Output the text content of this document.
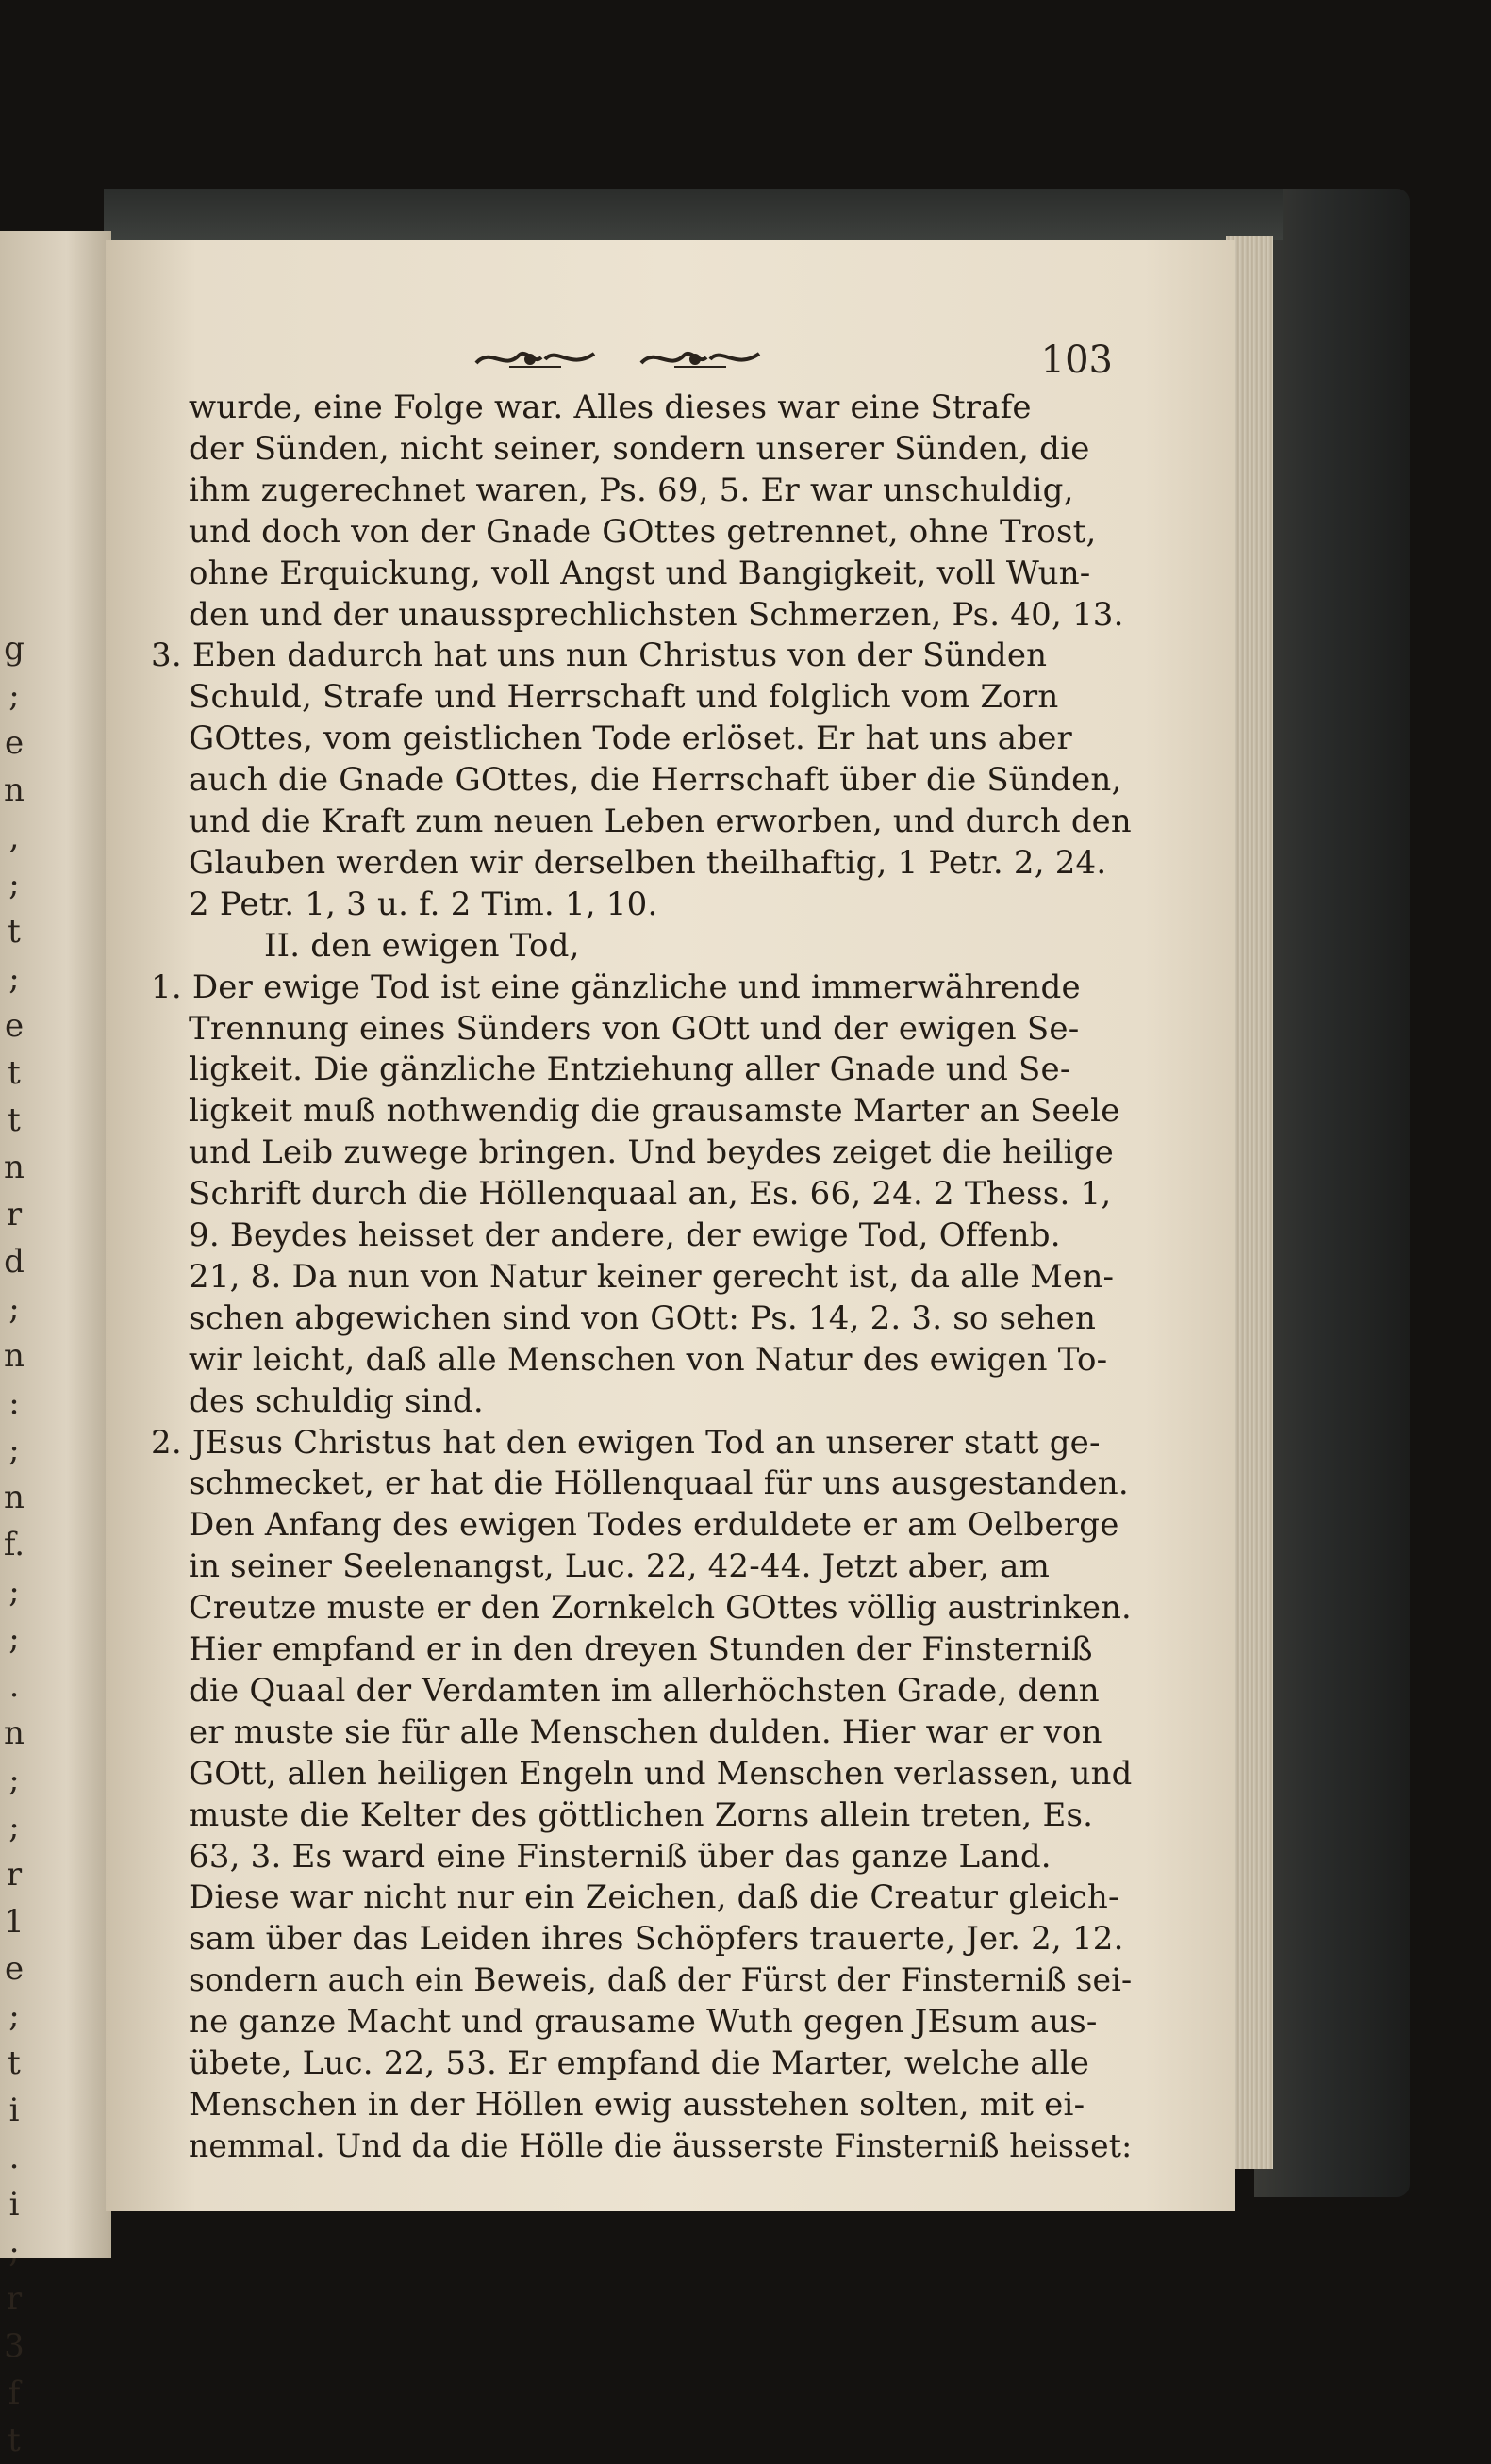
g
;
e
n
,
;
t
;
e
t
t
n
r
d
;
n
:
;
n
f.
;
;
.
n
;
;
r
1
e
;
t
i
.
i
;
r
3
f
t
103
wurde, eine Folge war. Alles dieses war eine Strafe
der Sünden, nicht seiner, sondern unserer Sünden, die
ihm zugerechnet waren, Ps. 69, 5. Er war unschuldig,
und doch von der Gnade GOttes getrennet, ohne Trost,
ohne Erquickung, voll Angst und Bangigkeit, voll Wun-
den und der unaussprechlichsten Schmerzen, Ps. 40, 13.
3. Eben dadurch hat uns nun Christus von der Sünden
Schuld, Strafe und Herrschaft und folglich vom Zorn
GOttes, vom geistlichen Tode erlöset. Er hat uns aber
auch die Gnade GOttes, die Herrschaft über die Sünden,
und die Kraft zum neuen Leben erworben, und durch den
Glauben werden wir derselben theilhaftig, 1 Petr. 2, 24.
2 Petr. 1, 3 u. f. 2 Tim. 1, 10.
II. den ewigen Tod,
1. Der ewige Tod ist eine gänzliche und immerwährende
Trennung eines Sünders von GOtt und der ewigen Se-
ligkeit. Die gänzliche Entziehung aller Gnade und Se-
ligkeit muß nothwendig die grausamste Marter an Seele
und Leib zuwege bringen. Und beydes zeiget die heilige
Schrift durch die Höllenquaal an, Es. 66, 24. 2 Thess. 1,
9. Beydes heisset der andere, der ewige Tod, Offenb.
21, 8. Da nun von Natur keiner gerecht ist, da alle Men-
schen abgewichen sind von GOtt: Ps. 14, 2. 3. so sehen
wir leicht, daß alle Menschen von Natur des ewigen To-
des schuldig sind.
2. JEsus Christus hat den ewigen Tod an unserer statt ge-
schmecket, er hat die Höllenquaal für uns ausgestanden.
Den Anfang des ewigen Todes erduldete er am Oelberge
in seiner Seelenangst, Luc. 22, 42-44. Jetzt aber, am
Creutze muste er den Zornkelch GOttes völlig austrinken.
Hier empfand er in den dreyen Stunden der Finsterniß
die Quaal der Verdamten im allerhöchsten Grade, denn
er muste sie für alle Menschen dulden. Hier war er von
GOtt, allen heiligen Engeln und Menschen verlassen, und
muste die Kelter des göttlichen Zorns allein treten, Es.
63, 3. Es ward eine Finsterniß über das ganze Land.
Diese war nicht nur ein Zeichen, daß die Creatur gleich-
sam über das Leiden ihres Schöpfers trauerte, Jer. 2, 12.
sondern auch ein Beweis, daß der Fürst der Finsterniß sei-
ne ganze Macht und grausame Wuth gegen JEsum aus-
übete, Luc. 22, 53. Er empfand die Marter, welche alle
Menschen in der Höllen ewig ausstehen solten, mit ei-
nemmal. Und da die Hölle die äusserste Finsterniß heisset:
